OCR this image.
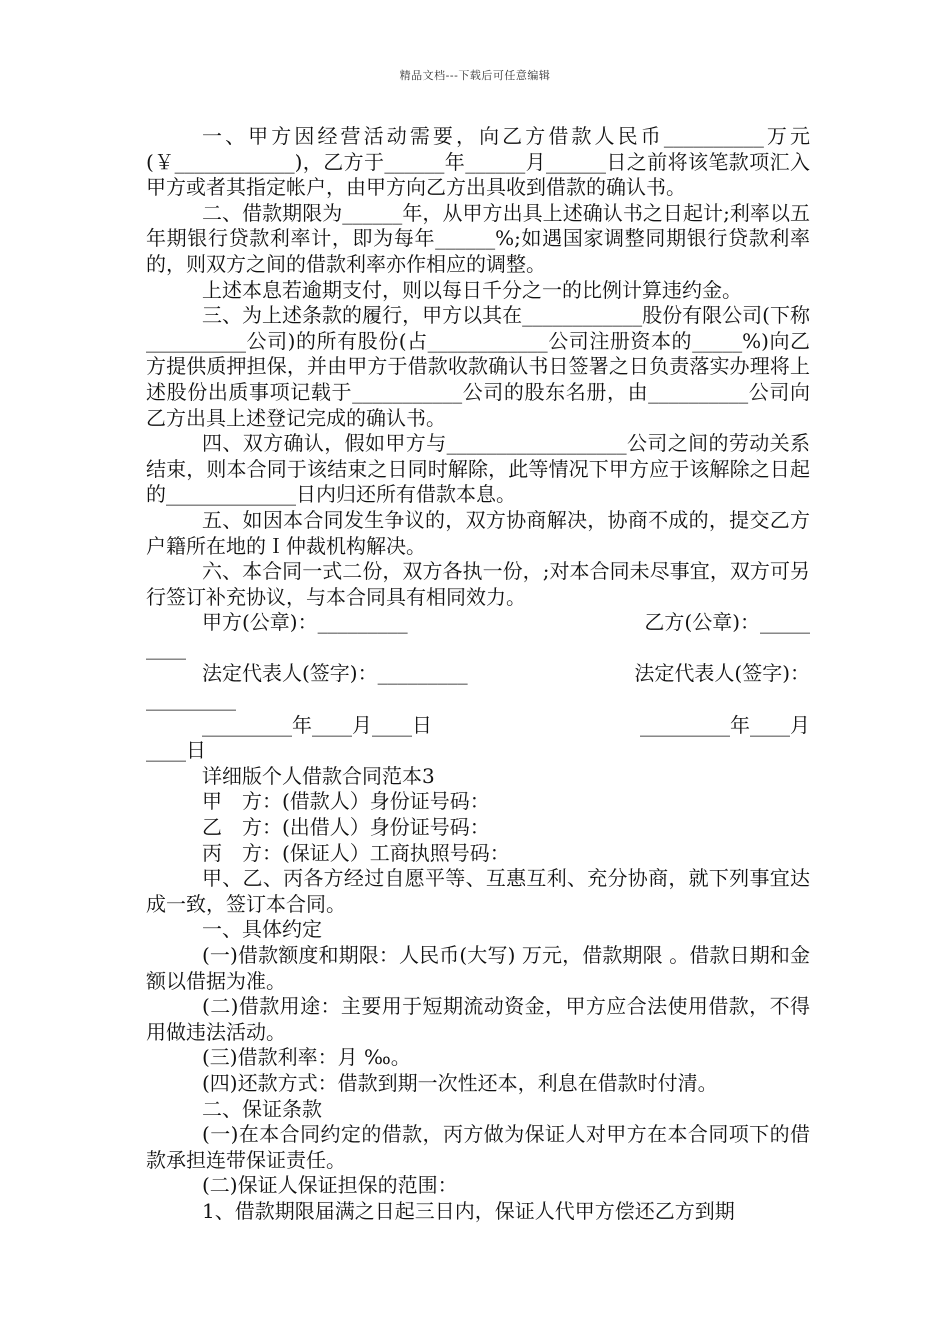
精品文档---下载后可任意编辑

一、甲方因经营活动需要，向乙方借款人民币__________万元(￥____________)，乙方于______年______月______日之前将该笔款项汇入甲方或者其指定帐户，由甲方向乙方出具收到借款的确认书。

二、借款期限为______年，从甲方出具上述确认书之日起计;利率以五年期银行贷款利率计，即为每年______%;如遇国家调整同期银行贷款利率的，则双方之间的借款利率亦作相应的调整。

上述本息若逾期支付，则以每日千分之一的比例计算违约金。

三、为上述条款的履行，甲方以其在____________股份有限公司(下称__________公司)的所有股份(占____________公司注册资本的_____%)向乙方提供质押担保，并由甲方于借款收款确认书日签署之日负责落实办理将上述股份出质事项记载于___________公司的股东名册，由__________公司向乙方出具上述登记完成的确认书。

四、双方确认，假如甲方与__________________公司之间的劳动关系结束，则本合同于该结束之日同时解除，此等情况下甲方应于该解除之日起的_____________日内归还所有借款本息。

五、如因本合同发生争议的，双方协商解决，协商不成的，提交乙方户籍所在地的Ｉ仲裁机构解决。

六、本合同一式二份，双方各执一份，;对本合同未尽事宜，双方可另行签订补充协议，与本合同具有相同效力。

甲方(公章)：_________	乙方(公章)：_____

____

法定代表人(签字)：_________	法定代表人(签字)：

_________

_________年____月____日	_________年____月

____日

详细版个人借款合同范本3

甲　方：(借款人）身份证号码：

乙　方：(出借人）身份证号码：

丙　方：(保证人）工商执照号码：

甲、乙、丙各方经过自愿平等、互惠互利、充分协商，就下列事宜达成一致，签订本合同。

一、具体约定

(一)借款额度和期限：人民币(大写) 万元，借款期限 。借款日期和金额以借据为准。

(二)借款用途：主要用于短期流动资金，甲方应合法使用借款，不得用做违法活动。

(三)借款利率：月 ‰。

(四)还款方式：借款到期一次性还本，利息在借款时付清。

二、保证条款

(一)在本合同约定的借款，丙方做为保证人对甲方在本合同项下的借款承担连带保证责任。

(二)保证人保证担保的范围：

1、借款期限届满之日起三日内，保证人代甲方偿还乙方到期
